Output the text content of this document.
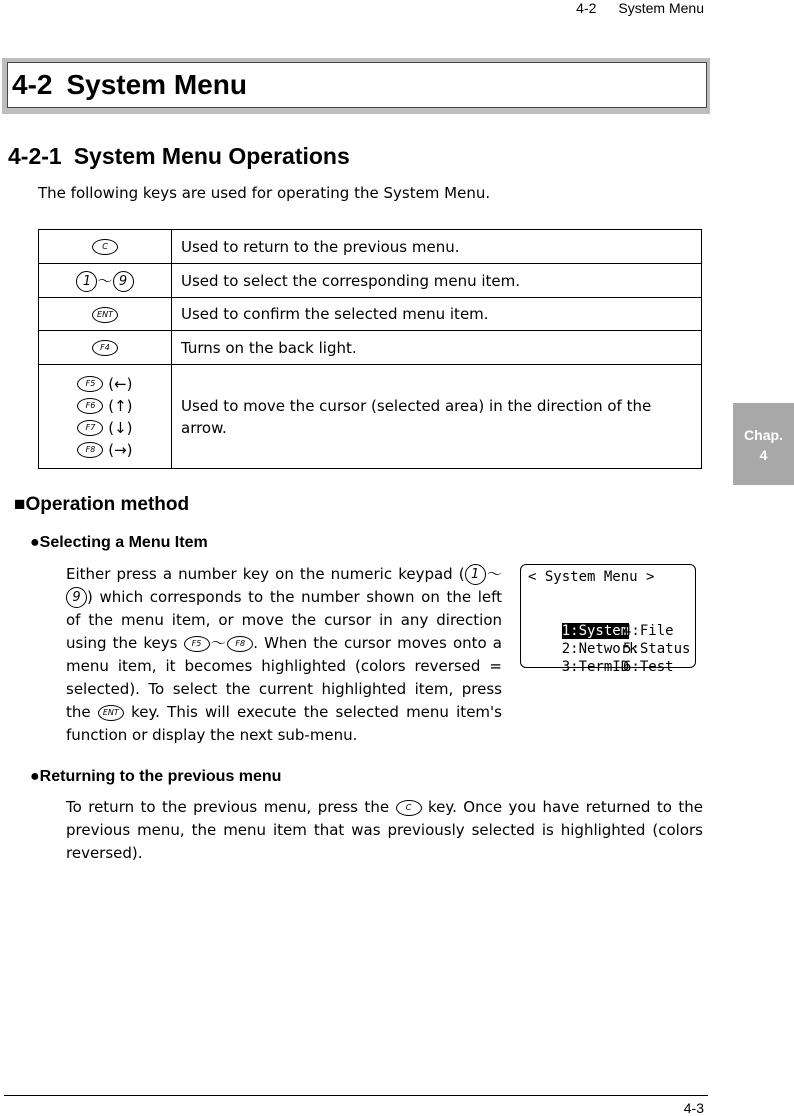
4-2 System Menu
4-2 System Menu
4-2-1 System Menu Operations
The following keys are used for operating the System Menu.
C	Used to return to the previous menu.
1 ～ 9	Used to select the corresponding menu item.
ENT	Used to confirm the selected menu item.
F4	Turns on the back light.

F5 (←)
F6 (↑)
F7 (↓)
F8 (→)	Used to move the cursor (selected area) in the direction of the arrow.
■Operation method
●Selecting a Menu Item
Either press a number key on the numeric keypad ( 1 ～9 ) which corresponds to the number shown on the left of the menu item, or move the cursor in any direction using the keys F5 ～ F8 . When the cursor moves onto a menu item, it becomes highlighted (colors reversed = selected). To select the current highlighted item, press the ENT key. This will execute the selected menu item's function or display the next sub-menu.
< System Menu >

1:System
4:File

2:Network
5:Status

3:TermID
6:Test

●Returning to the previous menu
To return to the previous menu, press the C key. Once you have returned to the previous menu, the menu item that was previously selected is highlighted (colors reversed).
Chap.
4
4-3
